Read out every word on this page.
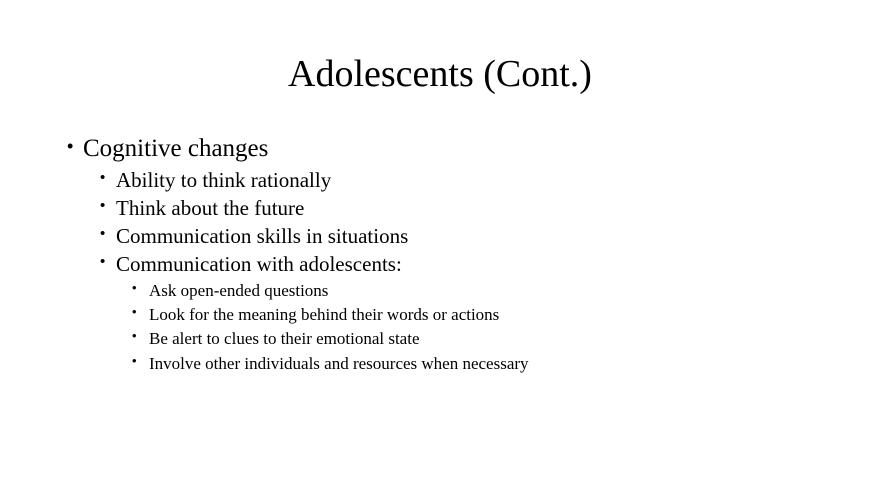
Adolescents (Cont.)
• Cognitive changes
• Ability to think rationally
• Think about the future
• Communication skills in situations
• Communication with adolescents:
• Ask open-ended questions
• Look for the meaning behind their words or actions
• Be alert to clues to their emotional state
• Involve other individuals and resources when necessary
